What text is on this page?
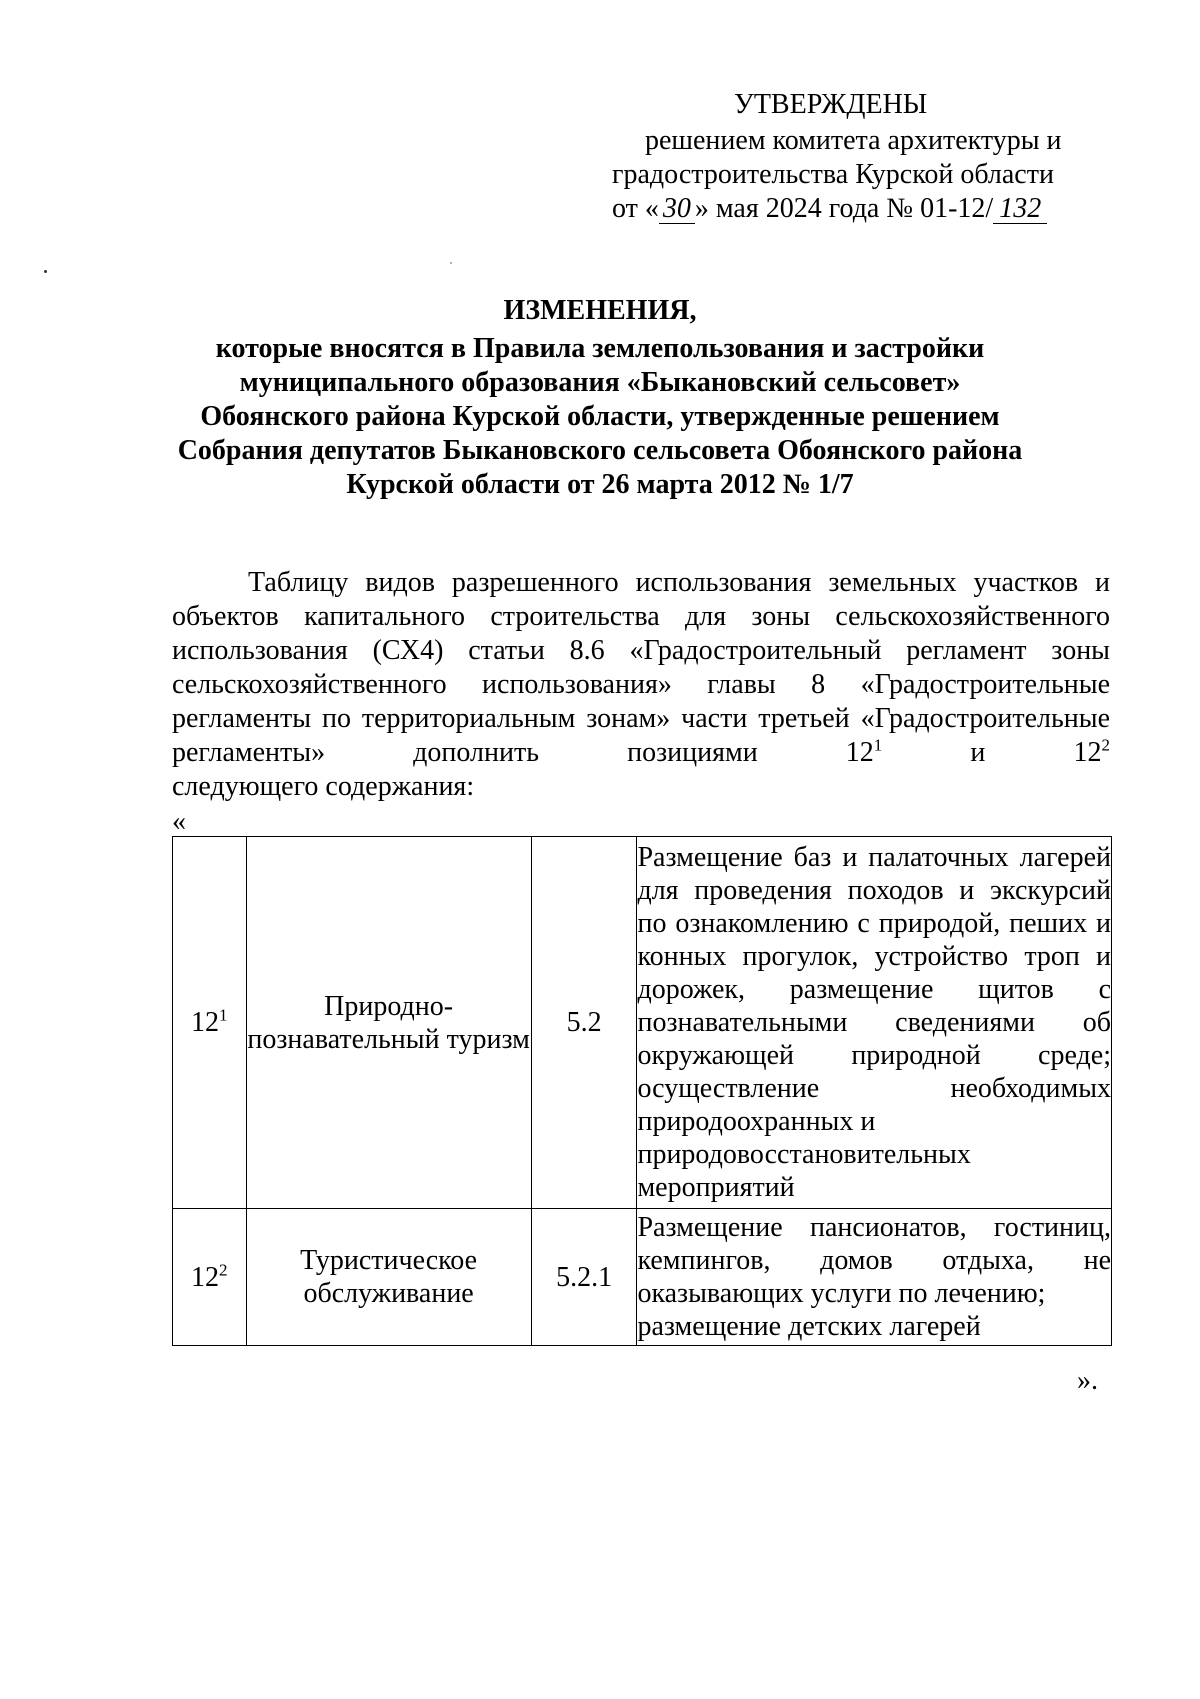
УТВЕРЖДЕНЫ
решением комитета архитектуры и
градостроительства Курской области
от « 30 » мая 2024 года № 01-12/ 132
ИЗМЕНЕНИЯ,
которые вносятся в Правила землепользования и застройки
муниципального образования «Быкановский сельсовет»
Обоянского района Курской области, утвержденные решением
Собрания депутатов Быкановского сельсовета Обоянского района
Курской области от 26 марта 2012 № 1/7
Таблицу видов разрешенного использования земельных участков и объектов капитального строительства для зоны сельскохозяйственного использования (СХ4) статьи 8.6 «Градостроительный регламент зоны сельскохозяйственного использования» главы 8 «Градостроительные регламенты по территориальным зонам» части третьей «Градостроительные регламенты» дополнить позициями $12^1$ и $12^2$
следующего содержания:
«
$12^1$	Природно-познавательный туризм	5.2	Размещение баз и палаточных лагерей для проведения походов и экскурсий по ознакомлению с природой, пеших и конных прогулок, устройство троп и дорожек, размещение щитов с познавательными сведениями об окружающей природной среде; осуществление необходимых природоохранных и
природовосстановительных мероприятий

$12^2$	Туристическое обслуживание	5.2.1	Размещение пансионатов, гостиниц, кемпингов, домов отдыха, не оказывающих услуги по лечению;
размещение детских лагерей
».
